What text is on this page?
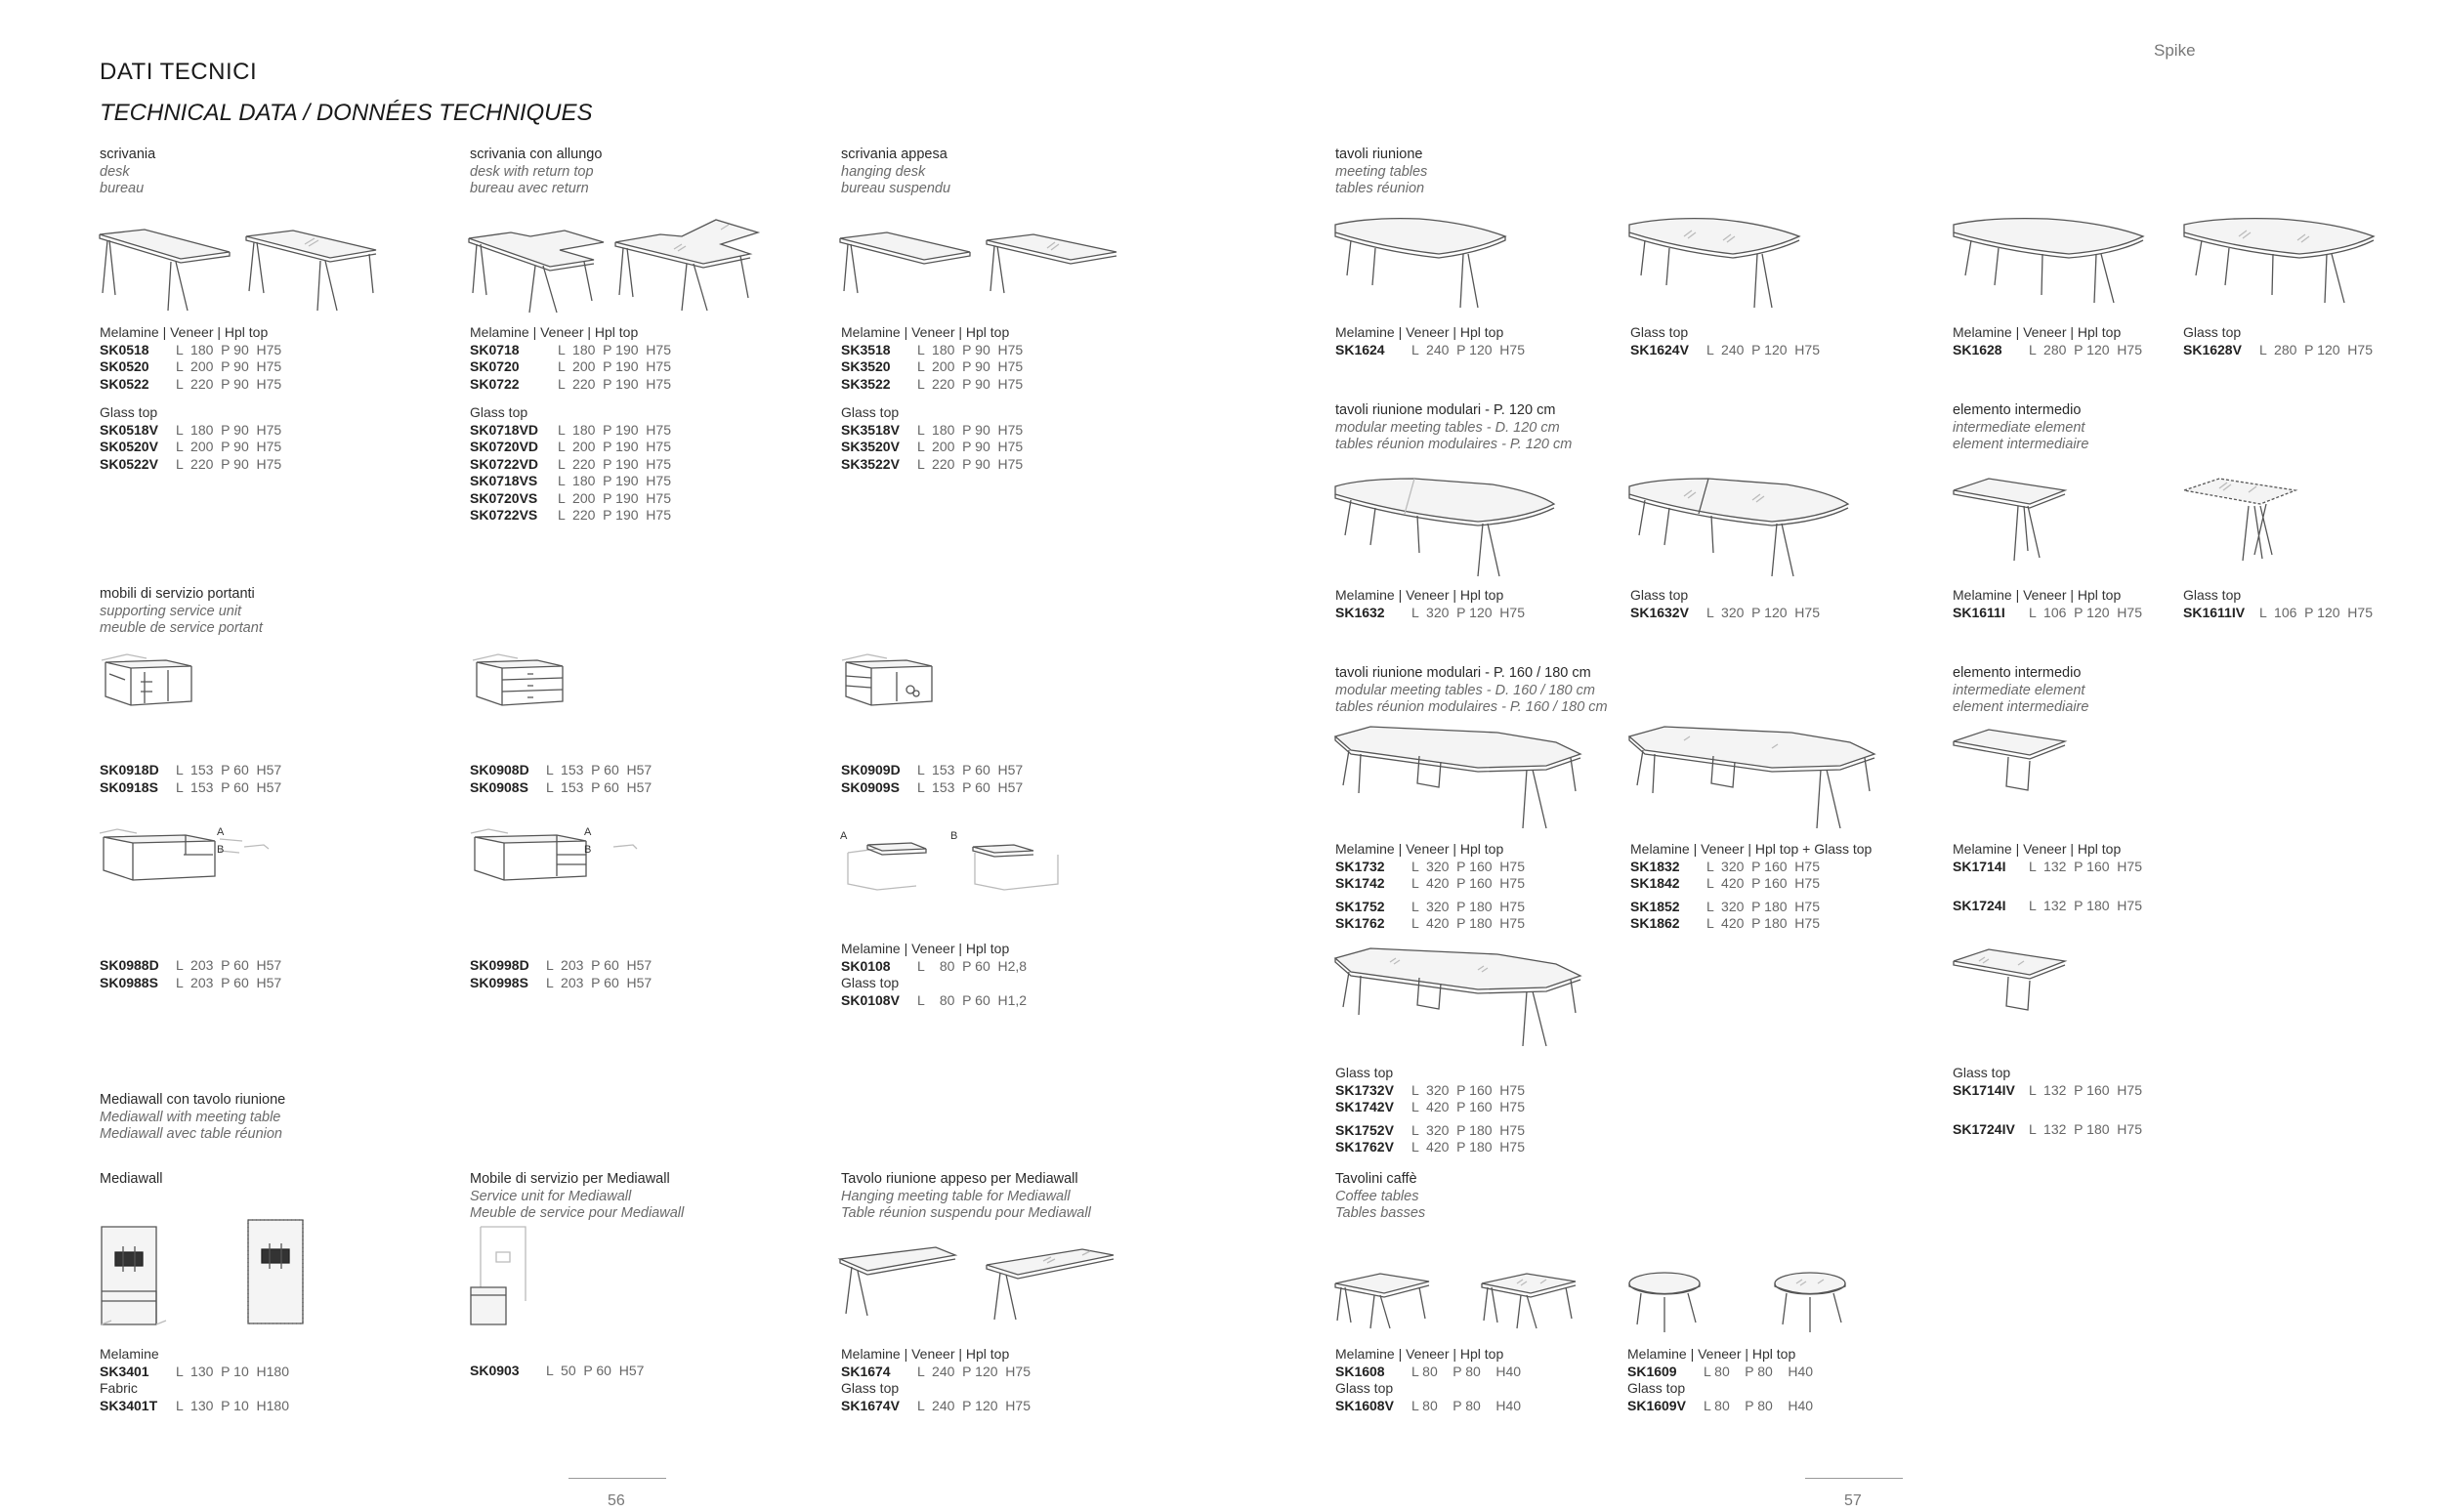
DATI TECNICI
TECHNICAL DATA / DONNÉES TECHNIQUES
Spike
scrivania
desk
bureau
scrivania con allungo
desk with return top
bureau avec return
scrivania appesa
hanging desk
bureau suspendu
tavoli riunione
meeting tables
tables réunion
tavoli riunione modulari - P. 120 cm
modular meeting tables - D. 120 cm
tables réunion modulaires - P. 120 cm
elemento intermedio
intermediate element
element intermediaire
mobili di servizio portanti
supporting service unit
meuble de service portant
tavoli riunione modulari - P. 160 / 180 cm
modular meeting tables - D. 160 / 180 cm
tables réunion modulaires - P. 160 / 180 cm
elemento intermedio
intermediate element
element intermediaire
Mediawall con tavolo riunione
Mediawall with meeting table
Mediawall avec table réunion
Mediawall	Mobile di servizio per Mediawall
Service unit for Mediawall
Meuble de service pour Mediawall
Tavolo riunione appeso per Mediawall
Hanging meeting table for Mediawall
Table réunion suspendu pour Mediawall
Tavolini caffè
Coffee tables
Tables basses
Melamine | Veneer | Hpl top
SK0518 L  180  P 90  H75
SK0520 L  200  P 90  H75
SK0522 L  220  P 90  H75
Glass top
SK0518V L  180  P 90  H75
SK0520V L  200  P 90  H75
SK0522V L  220  P 90  H75
Melamine | Veneer | Hpl top
SK0718	L  180  P 190  H75
SK0720	L  200  P 190  H75
SK0722	L  220  P 190  H75
Glass top
SK0718VD L  180  P 190  H75
SK0720VD L  200  P 190  H75
SK0722VD L  220  P 190  H75
SK0718VS L  180  P 190  H75
SK0720VS L  200  P 190  H75
SK0722VS L  220  P 190  H75
Melamine | Veneer | Hpl top
SK3518 L  180  P 90  H75
SK3520 L  200  P 90  H75
SK3522 L  220  P 90  H75
Glass top
SK3518V L  180  P 90  H75
SK3520V L  200  P 90  H75
SK3522V L  220  P 90  H75
Melamine | Veneer | Hpl top
SK1624 L  240  P 120  H75
Glass top
SK1624V L  240  P 120  H75
Melamine | Veneer | Hpl top
SK1628 L  280  P 120  H75
Glass top
SK1628V L  280  P 120  H75
Melamine | Veneer | Hpl top
SK1632 L  320  P 120  H75
Glass top
SK1632V L  320  P 120  H75
Melamine | Veneer | Hpl top
SK1611I L  106  P 120  H75
Glass top
SK1611IV L  106  P 120  H75
SK0918D L  153  P 60  H57
SK0918S L  153  P 60  H57
SK0908D L  153  P 60  H57
SK0908S L  153  P 60  H57
SK0909D L  153  P 60  H57
SK0909S L  153  P 60  H57
SK0988D L  203  P 60  H57
SK0988S L  203  P 60  H57
SK0998D L  203  P 60  H57
SK0998S L  203  P 60  H57
Melamine | Veneer | Hpl top
SK0108 L    80  P 60  H2,8
Glass top
SK0108V L    80  P 60  H1,2
Melamine | Veneer | Hpl top
SK1732 L  320  P 160  H75
SK1742 L  420  P 160  H75
SK1752 L  320  P 180  H75
SK1762 L  420  P 180  H75
Melamine | Veneer | Hpl top + Glass top
SK1832 L  320  P 160  H75
SK1842 L  420  P 160  H75
SK1852 L  320  P 180  H75
SK1862 L  420  P 180  H75
Melamine | Veneer | Hpl top
SK1714I L  132  P 160  H75
SK1724I L  132  P 180  H75
Glass top
SK1732V L  320  P 160  H75
SK1742V L  420  P 160  H75
SK1752V L  320  P 180  H75
SK1762V L  420  P 180  H75
Glass top
SK1714IV L  132  P 160  H75
SK1724IV L  132  P 180  H75
Melamine
SK3401 L  130  P 10  H180
Fabric
SK3401T L  130  P 10  H180
SK0903 L  50  P 60  H57
Melamine | Veneer | Hpl top
SK1674 L  240  P 120  H75
Glass top
SK1674V L  240  P 120  H75
Melamine | Veneer | Hpl top
SK1608 L 80    P 80    H40
Glass top
SK1608V L 80    P 80    H40
Melamine | Veneer | Hpl top
SK1609 L 80    P 80    H40
Glass top
SK1609V L 80    P 80    H40
A
B
A
B
A	B
56	57
